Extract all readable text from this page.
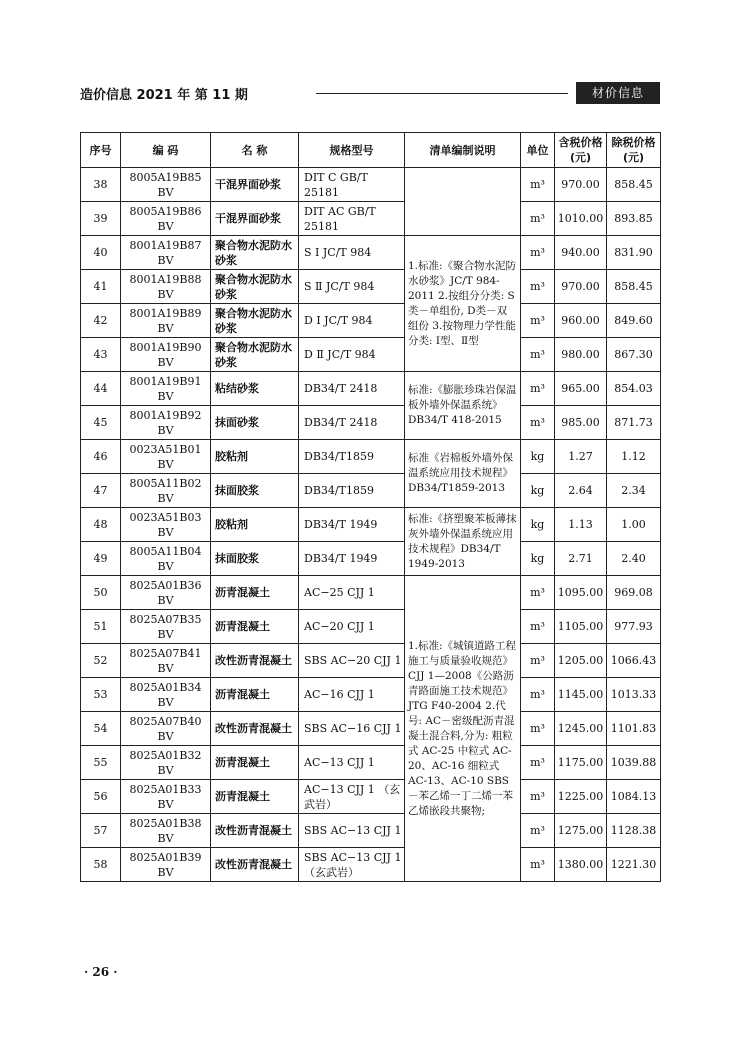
造价信息 2021 年 第 11 期	材价信息
序号	编 码	名 称	规格型号	清单编制说明	单位	含税价格(元)	除税价格(元)
38	8005A19B85 BV	干混界面砂浆	DIT C GB/T 25181		m³	970.00	858.45
39	8005A19B86 BV	干混界面砂浆	DIT AC GB/T 25181		m³	1010.00	893.85
40	8001A19B87 BV	聚合物水泥防水砂浆	S Ⅰ JC/T 984	1.标准:《聚合物水泥防水砂浆》JC/T 984-2011 2.按组分分类: S类－单组份, D类－双组份 3.按物理力学性能分类: Ⅰ型、Ⅱ型	m³	940.00	831.90
41	8001A19B88 BV	聚合物水泥防水砂浆	S Ⅱ JC/T 984		m³	970.00	858.45
42	8001A19B89 BV	聚合物水泥防水砂浆	D Ⅰ JC/T 984		m³	960.00	849.60
43	8001A19B90 BV	聚合物水泥防水砂浆	D Ⅱ JC/T 984		m³	980.00	867.30
44	8001A19B91 BV	粘结砂浆	DB34/T 2418	标准:《膨胀珍珠岩保温板外墙外保温系统》DB34/T 418-2015	m³	965.00	854.03
45	8001A19B92 BV	抹面砂浆	DB34/T 2418		m³	985.00	871.73
46	0023A51B01 BV	胶粘剂	DB34/T1859	标准《岩棉板外墙外保温系统应用技术规程》DB34/T1859-2013	kg	1.27	1.12
47	8005A11B02 BV	抹面胶浆	DB34/T1859		kg	2.64	2.34
48	0023A51B03 BV	胶粘剂	DB34/T 1949	标准:《挤塑聚苯板薄抹灰外墙外保温系统应用技术规程》DB34/T 1949-2013	kg	1.13	1.00
49	8005A11B04 BV	抹面胶浆	DB34/T 1949		kg	2.71	2.40
50	8025A01B36 BV	沥青混凝土	AC−25 CJJ 1	1.标准:《城镇道路工程施工与质量验收规范》CJJ 1—2008《公路沥青路面施工技术规范》JTG F40-2004 2.代号: AC－密级配沥青混凝土混合料,分为: 粗粒式 AC-25 中粒式 AC-20、AC-16 细粒式 AC-13、AC-10 SBS－苯乙烯一丁二烯一苯乙烯嵌段共聚物;	m³	1095.00	969.08
51	8025A07B35 BV	沥青混凝土	AC−20 CJJ 1		m³	1105.00	977.93
52	8025A07B41 BV	改性沥青混凝土	SBS AC−20 CJJ 1		m³	1205.00	1066.43
53	8025A01B34 BV	沥青混凝土	AC−16 CJJ 1		m³	1145.00	1013.33
54	8025A07B40 BV	改性沥青混凝土	SBS AC−16 CJJ 1		m³	1245.00	1101.83
55	8025A01B32 BV	沥青混凝土	AC−13 CJJ 1		m³	1175.00	1039.88
56	8025A01B33 BV	沥青混凝土	AC−13 CJJ 1 （玄武岩）		m³	1225.00	1084.13
57	8025A01B38 BV	改性沥青混凝土	SBS AC−13 CJJ 1		m³	1275.00	1128.38
58	8025A01B39 BV	改性沥青混凝土	SBS AC−13 CJJ 1 （玄武岩）		m³	1380.00	1221.30
· 26 ·
